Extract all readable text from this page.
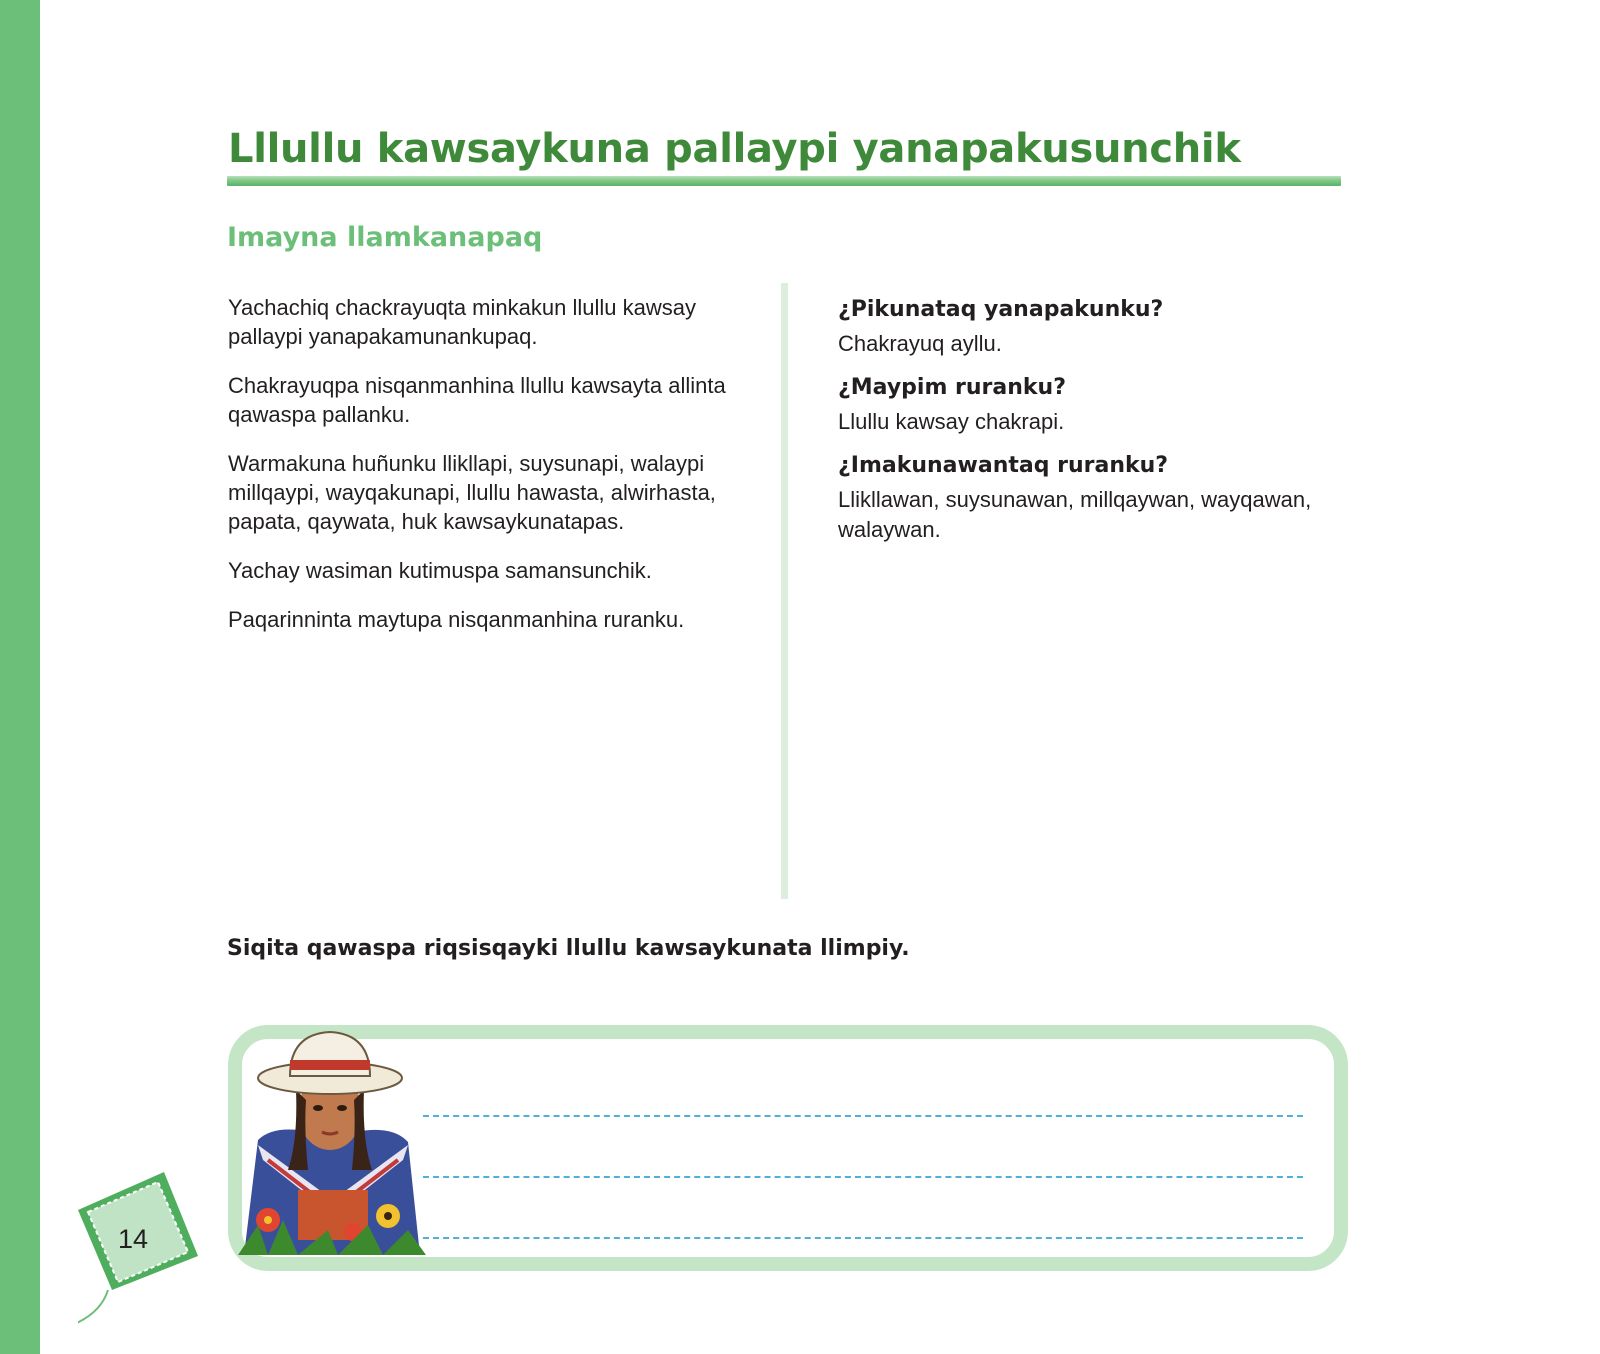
Lllullu kawsaykuna pallaypi yanapakusunchik
Imayna llamkanapaq

Yachachiq chackrayuqta minkakun llullu kawsay pallaypi yanapakamunankupaq.

Chakrayuqpa nisqanmanhina llullu kawsayta allinta qawaspa pallanku.

Warmakuna huñunku llikllapi, suysunapi, walaypi millqaypi, wayqakunapi, llullu hawasta, alwirhasta, papata, qaywata, huk kawsaykunatapas.

Yachay wasiman kutimuspa samansunchik.

Paqarinninta maytupa nisqanmanhina ruranku.

¿Pikunataq yanapakunku?
Chakrayuq ayllu.
¿Maypim ruranku?
Llullu kawsay chakrapi.
¿Imakunawantaq ruranku?
Llikllawan, suysunawan, millqaywan, wayqawan, walaywan.
Siqita qawaspa riqsisqayki llullu kawsaykunata llimpiy.
14
